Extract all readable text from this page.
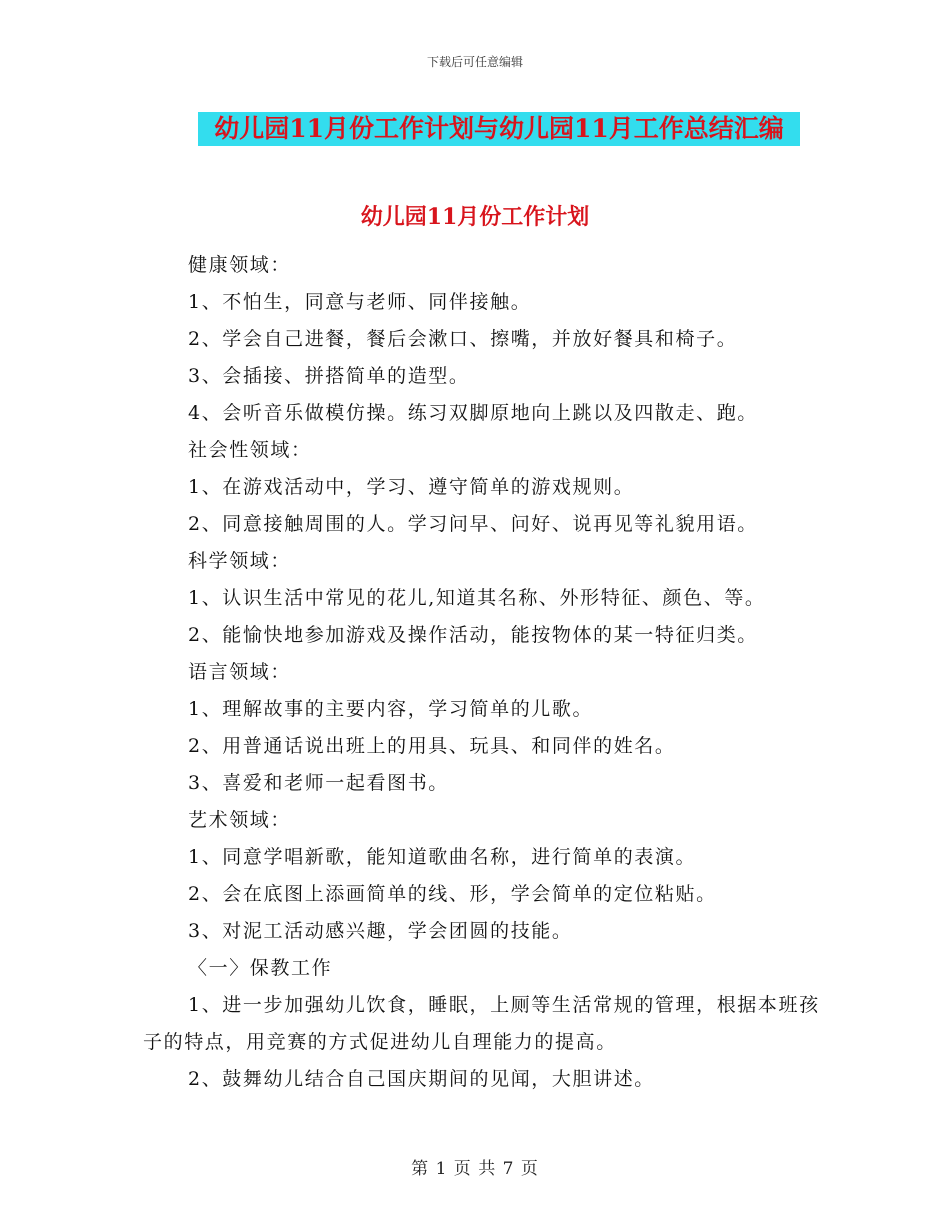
下载后可任意编辑
幼儿园11月份工作计划与幼儿园11月工作总结汇编
幼儿园11月份工作计划
健康领域：
1、不怕生，同意与老师、同伴接触。
2、学会自己进餐，餐后会漱口、擦嘴，并放好餐具和椅子。
3、会插接、拼搭简单的造型。
4、会听音乐做模仿操。练习双脚原地向上跳以及四散走、跑。
社会性领域：
1、在游戏活动中，学习、遵守简单的游戏规则。
2、同意接触周围的人。学习问早、问好、说再见等礼貌用语。
科学领域：
1、认识生活中常见的花儿,知道其名称、外形特征、颜色、等。
2、能愉快地参加游戏及操作活动，能按物体的某一特征归类。
语言领域：
1、理解故事的主要内容，学习简单的儿歌。
2、用普通话说出班上的用具、玩具、和同伴的姓名。
3、喜爱和老师一起看图书。
艺术领域：
1、同意学唱新歌，能知道歌曲名称，进行简单的表演。
2、会在底图上添画简单的线、形，学会简单的定位粘贴。
3、对泥工活动感兴趣，学会团圆的技能。
〈一〉保教工作
1、进一步加强幼儿饮食，睡眠，上厕等生活常规的管理，根据本班孩子的特点，用竞赛的方式促进幼儿自理能力的提高。
2、鼓舞幼儿结合自己国庆期间的见闻，大胆讲述。
第 1 页 共 7 页
